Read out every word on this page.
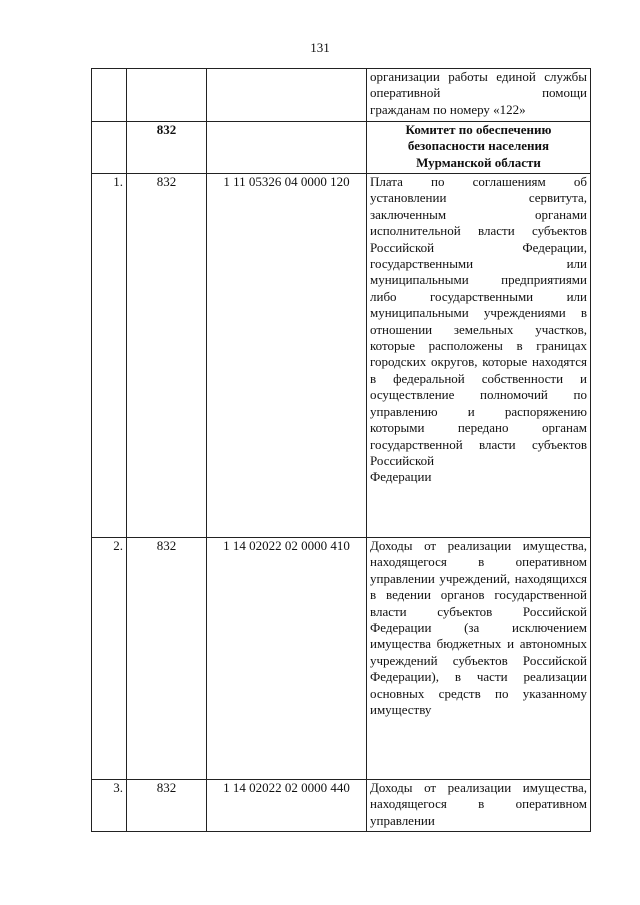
131
			организации работы единой службы оперативной помощи
гражданам по номеру «122»

	832		Комитет по обеспечению
безопасности населения
Мурманской области

1.	832	1 11 05326 04 0000 120	Плата по соглашениям об установлении сервитута, заключенным органами исполнительной власти субъектов Российской Федерации, государственными или муниципальными предприятиями либо государственными или муниципальными учреждениями в отношении земельных участков, которые расположены в границах городских округов, которые находятся в федеральной собственности и осуществление полномочий по управлению и распоряжению которыми передано органам государственной власти субъектов Российской
Федерации

2.	832	1 14 02022 02 0000 410	Доходы от реализации имущества, находящегося в оперативном управлении учреждений, находящихся в ведении органов государственной власти субъектов Российской Федерации (за исключением имущества бюджетных и автономных учреждений субъектов Российской Федерации), в части реализации основных средств по указанному
имуществу

3.	832	1 14 02022 02 0000 440	Доходы от реализации имущества, находящегося в оперативном управлении
